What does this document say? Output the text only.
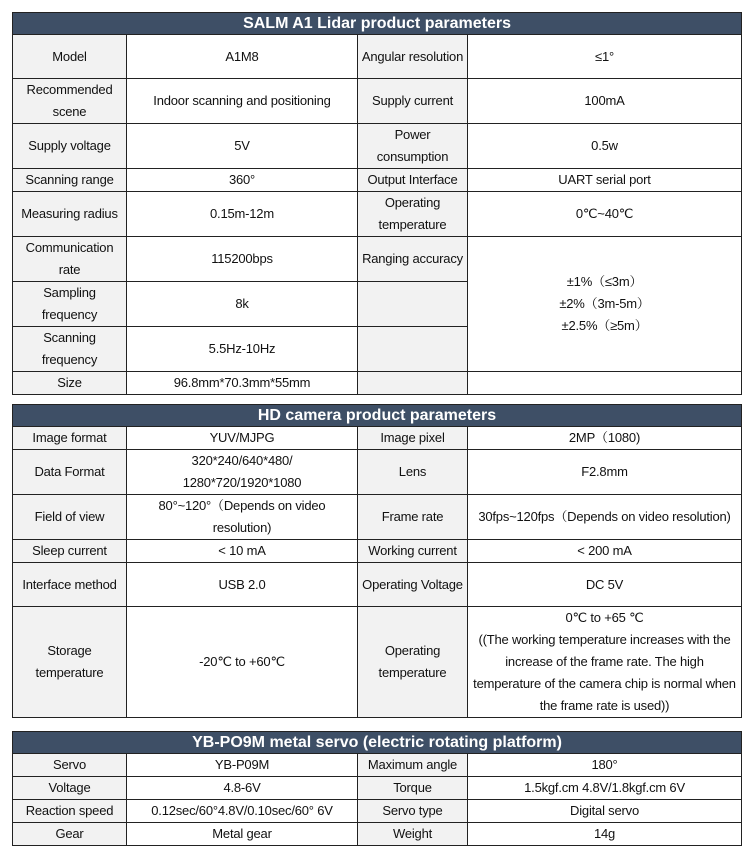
SALM A1 Lidar product parameters			
Model	A1M8	Angular resolution	≤1°
Recommended scene	Indoor scanning and positioning	Supply current	100mA
Supply voltage	5V	Power consumption	0.5w
Scanning range	360°	Output Interface	UART serial port
Measuring radius	0.15m-12m	Operating temperature	0℃~40℃
Communication rate	115200bps	Ranging accuracy	±1%（≤3m）
±2%（3m-5m）
±2.5%（≥5m）
Sampling frequency	8k		
Scanning frequency	5.5Hz-10Hz		
Size	96.8mm*70.3mm*55mm		
HD camera product parameters			
Image format	YUV/MJPG	Image pixel	2MP（1080)
Data Format	320*240/640*480/
1280*720/1920*1080	Lens	F2.8mm
Field of view	80°~120°（Depends on video resolution)	Frame rate	30fps~120fps（Depends on video resolution)
Sleep current	< 10 mA	Working current	< 200 mA
Interface method	USB 2.0	Operating Voltage	DC 5V
Storage temperature	-20℃ to +60℃	Operating temperature	0℃ to +65 ℃
((The working temperature increases with the increase of the frame rate. The high temperature of the camera chip is normal when the frame rate is used))
YB-PO9M metal servo (electric rotating platform)			
Servo	YB-P09M	Maximum angle	180°
Voltage	4.8-6V	Torque	1.5kgf.cm 4.8V/1.8kgf.cm 6V
Reaction speed	0.12sec/60°4.8V/0.10sec/60° 6V	Servo type	Digital servo
Gear	Metal gear	Weight	14g
